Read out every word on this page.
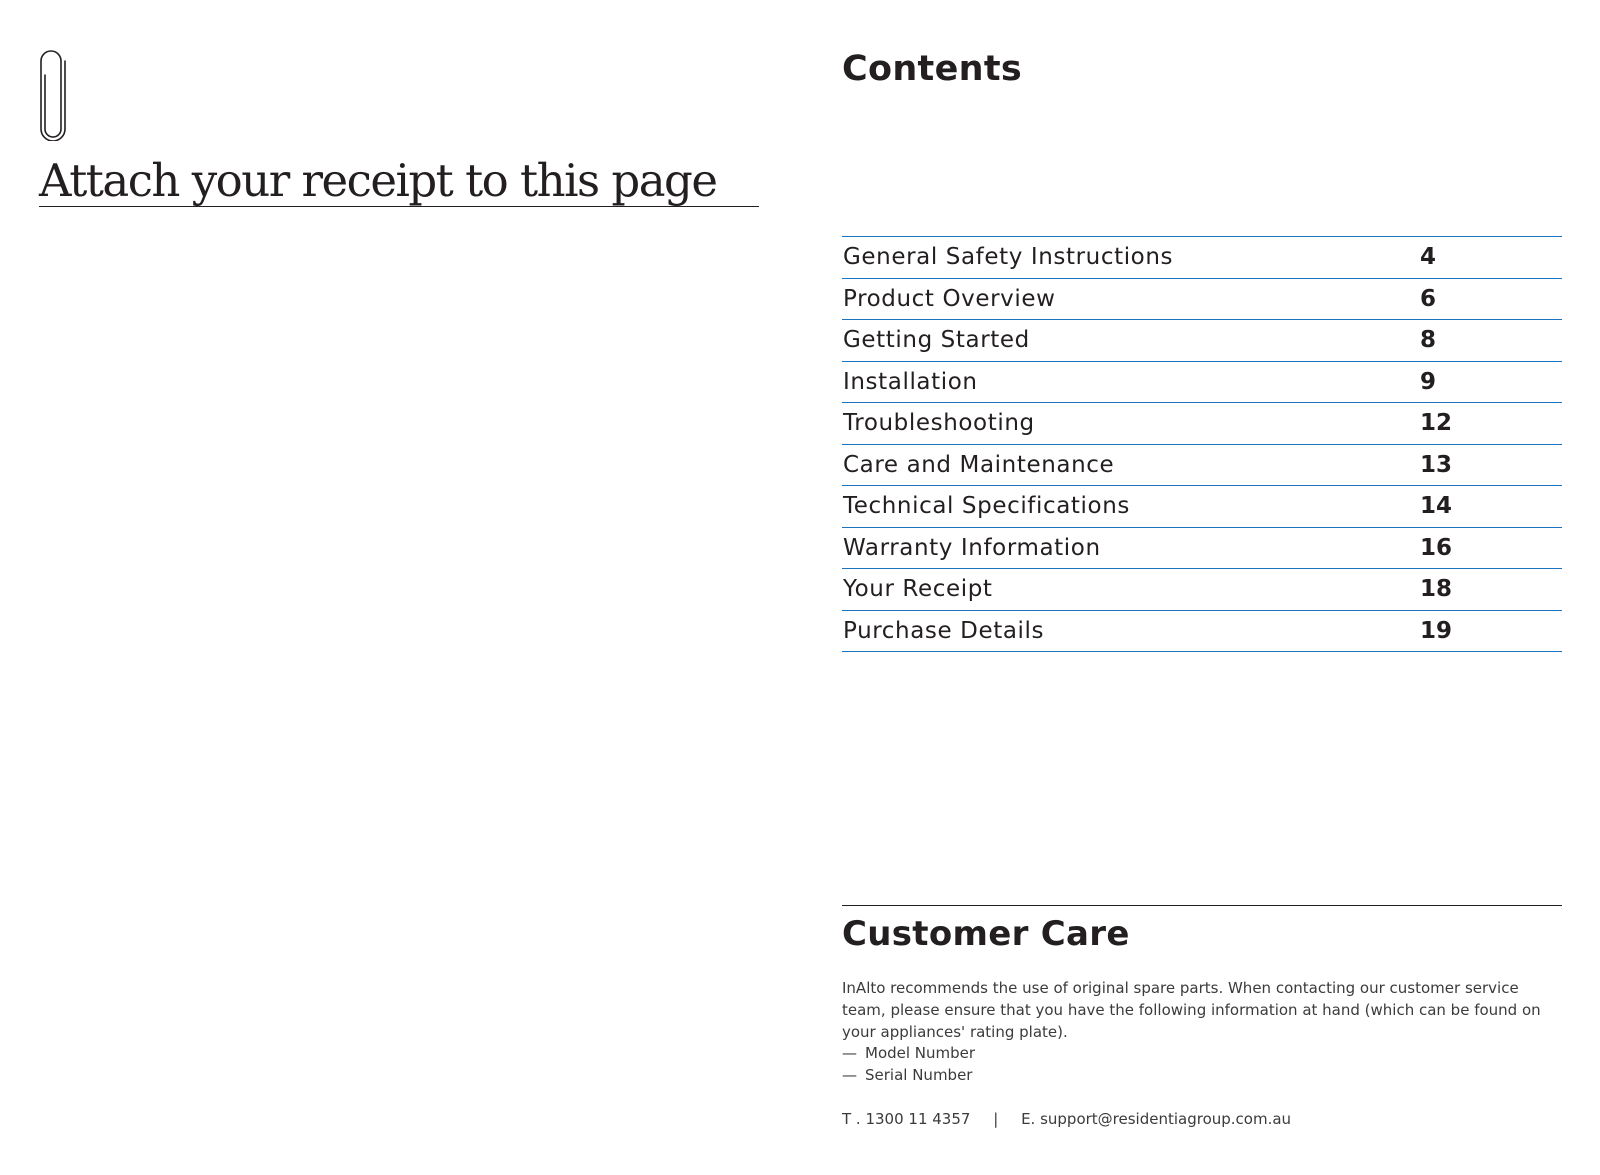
Attach your receipt to this page
Contents
General Safety Instructions	4
Product Overview	6
Getting Started	8
Installation	9
Troubleshooting	12
Care and Maintenance	13
Technical Specifications	14
Warranty Information	16
Your Receipt	18
Purchase Details	19
Customer Care

InAlto recommends the use of original spare parts. When contacting our customer service team, please ensure that you have the following information at hand (which can be found on your appliances' rating plate).

— Model Number
— Serial Number
T . 1300 11 4357 | E. support@residentiagroup.com.au
